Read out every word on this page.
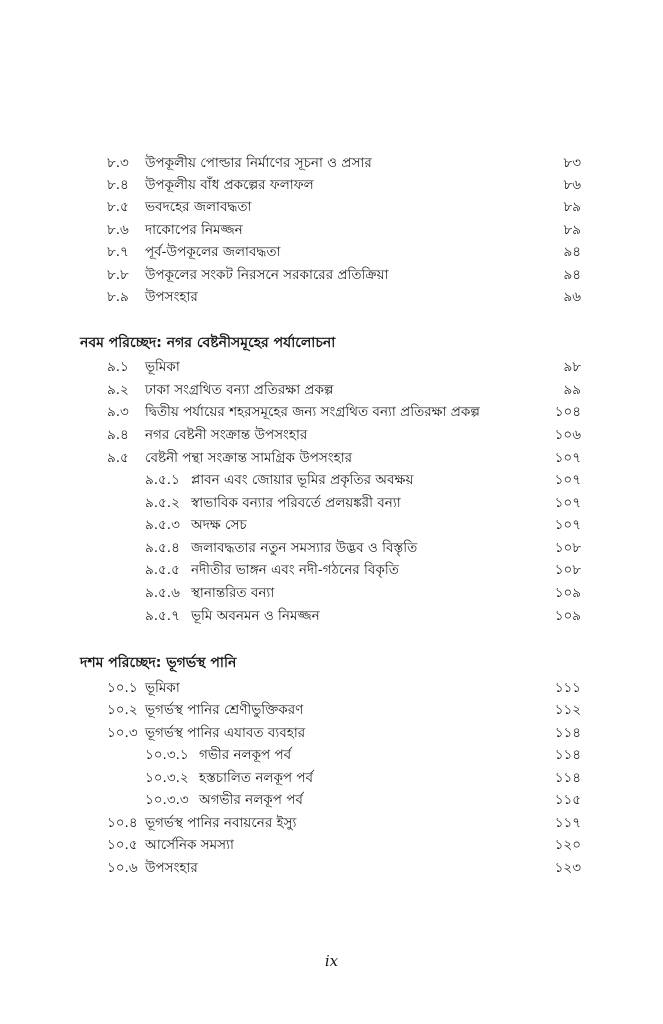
৮.৩ উপকূলীয় পোল্ডার নির্মাণের সূচনা ও প্রসার	৮৩
৮.৪ উপকূলীয় বাঁধ প্রকল্পের ফলাফল	৮৬
৮.৫ ভবদহের জলাবদ্ধতা	৮৯
৮.৬ দাকোপের নিমজ্জন	৮৯
৮.৭ পূর্ব-উপকূলের জলাবদ্ধতা	৯৪
৮.৮ উপকূলের সংকট নিরসনে সরকারের প্রতিক্রিয়া	৯৪
৮.৯ উপসংহার	৯৬
নবম পরিচ্ছেদ: নগর বেষ্টনীসমূহের পর্যালোচনা
৯.১ ভূমিকা	৯৮
৯.২ ঢাকা সংগ্রথিত বন্যা প্রতিরক্ষা প্রকল্প	৯৯
৯.৩ দ্বিতীয় পর্যায়ের শহরসমূহের জন্য সংগ্রথিত বন্যা প্রতিরক্ষা প্রকল্প	১০৪
৯.৪ নগর বেষ্টনী সংক্রান্ত উপসংহার	১০৬
৯.৫ বেষ্টনী পন্থা সংক্রান্ত সামগ্রিক উপসংহার	১০৭
৯.৫.১ প্লাবন এবং জোয়ার ভূমির প্রকৃতির অবক্ষয়	১০৭
৯.৫.২ স্বাভাবিক বন্যার পরিবর্তে প্রলয়ঙ্করী বন্যা	১০৭
৯.৫.৩ অদক্ষ সেচ	১০৭
৯.৫.৪ জলাবদ্ধতার নতুন সমস্যার উদ্ভব ও বিস্তৃতি	১০৮
৯.৫.৫ নদীতীর ভাঙ্গন এবং নদী-গঠনের বিকৃতি	১০৮
৯.৫.৬ স্থানান্তরিত বন্যা	১০৯
৯.৫.৭ ভূমি অবনমন ও নিমজ্জন	১০৯
দশম পরিচ্ছেদ: ভূগর্ভস্থ পানি
১০.১ ভূমিকা	১১১
১০.২ ভূগর্ভস্থ পানির শ্রেণীভুক্তিকরণ	১১২
১০.৩ ভূগর্ভস্থ পানির এযাবত ব্যবহার	১১৪
১০.৩.১ গভীর নলকূপ পর্ব	১১৪
১০.৩.২ হস্তচালিত নলকূপ পর্ব	১১৪
১০.৩.৩ অগভীর নলকূপ পর্ব	১১৫
১০.৪ ভূগর্ভস্থ পানির নবায়নের ইস্যু	১১৭
১০.৫ আর্সেনিক সমস্যা	১২০
১০.৬ উপসংহার	১২৩
ix
